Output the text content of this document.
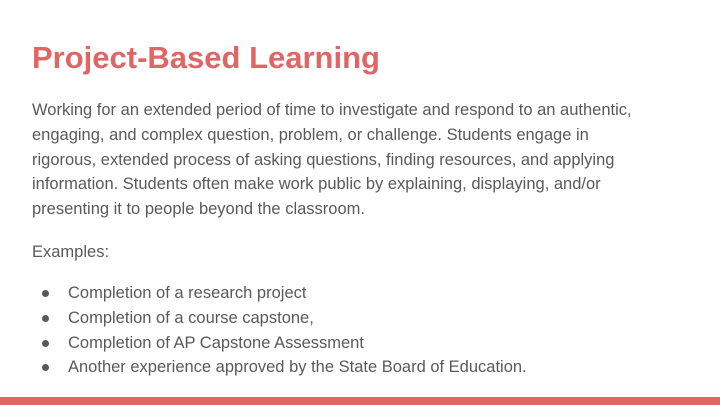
Project-Based Learning

Working for an extended period of time to investigate and respond to an authentic,
engaging, and complex question, problem, or challenge. Students engage in
rigorous, extended process of asking questions, finding resources, and applying
information. Students often make work public by explaining, displaying, and/or
presenting it to people beyond the classroom.

Examples:

Completion of a research project
Completion of a course capstone,
Completion of AP Capstone Assessment
Another experience approved by the State Board of Education.
